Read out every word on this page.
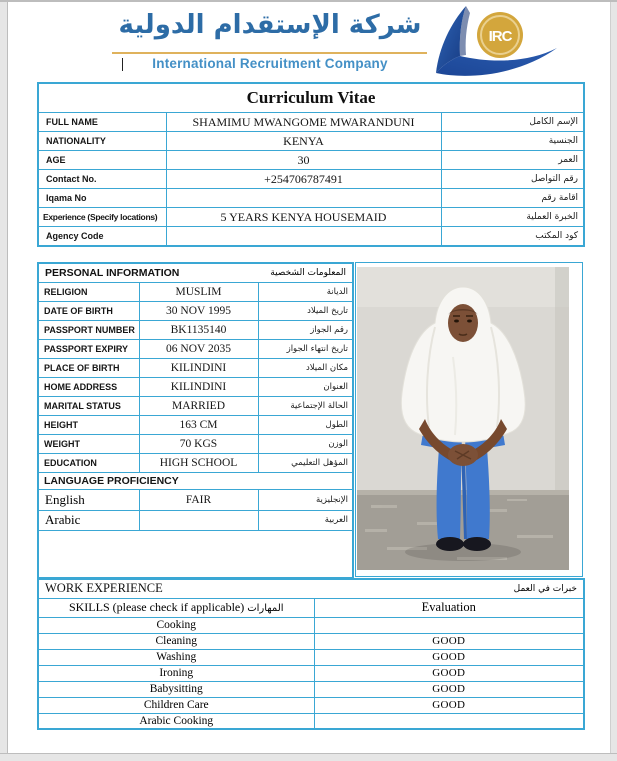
شركة الإستقدام الدولية
International Recruitment Company
IRC
Curriculum Vitae		
FULL NAME	SHAMIMU MWANGOME MWARANDUNI	الإسم الكامل
NATIONALITY	KENYA	الجنسية
AGE	30	العمر
Contact No.	+254706787491	رقم التواصل
Iqama No		اقامة رقم
Experience (Specify locations)	5 YEARS KENYA HOUSEMAID	الخبرة العملية
Agency Code		كود المكتب
PERSONAL INFORMATION المعلومات الشخصية		

RELIGION	MUSLIM	الديانة
DATE OF BIRTH	30 NOV 1995	تاريخ الميلاد
PASSPORT NUMBER	BK1135140	رقم الجواز
PASSPORT EXPIRY	06 NOV 2035	تاريخ انتهاء الجواز
PLACE OF BIRTH	KILINDINI	مكان الميلاد
HOME ADDRESS	KILINDINI	العنوان
MARITAL STATUS	MARRIED	الحالة الإجتماعية
HEIGHT	163 CM	الطول
WEIGHT	70 KGS	الوزن
EDUCATION	HIGH SCHOOL	المؤهل التعليمي
LANGUAGE PROFICIENCY		
English	FAIR	الإنجليزية
Arabic		العربية

WORK EXPERIENCE خبرات في العمل	

SKILLS (please check if applicable) المهارات	Evaluation
Cooking	
Cleaning	GOOD
Washing	GOOD
Ironing	GOOD
Babysitting	GOOD
Children Care	GOOD
Arabic Cooking	
